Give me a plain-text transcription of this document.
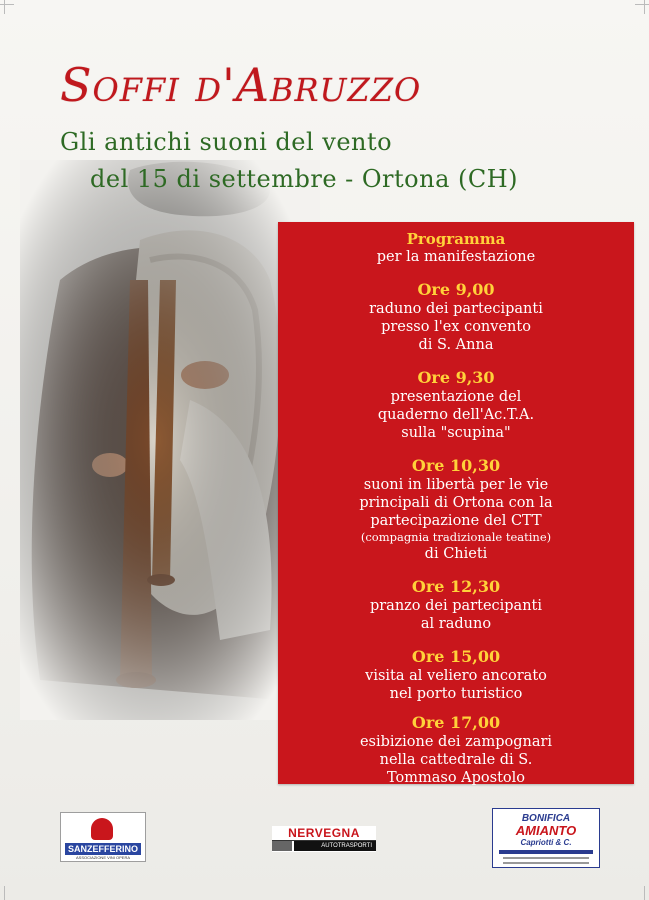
Soffi d'Abruzzo
Gli antichi suoni del vento
del 15 di settembre - Ortona (CH)
Programma
per la manifestazione
Ore 9,00
raduno dei partecipanti
presso l'ex convento
di S. Anna
Ore 9,30
presentazione del
quaderno dell'Ac.T.A.
sulla "scupina"
Ore 10,30
suoni in libertà per le vie
principali di Ortona con la
partecipazione del CTT
(compagnia tradizionale teatine)
di Chieti
Ore 12,30
pranzo dei partecipanti
al raduno
Ore 15,00
visita al veliero ancorato
nel porto turistico
Ore 17,00
esibizione dei zampognari
nella cattedrale di S.
Tommaso Apostolo
SANZEFFERINO
ASSOCIAZIONE VINI OPERA
NERVEGNA
AUTOTRASPORTI
BONIFICA
AMIANTO
Capriotti & C.
